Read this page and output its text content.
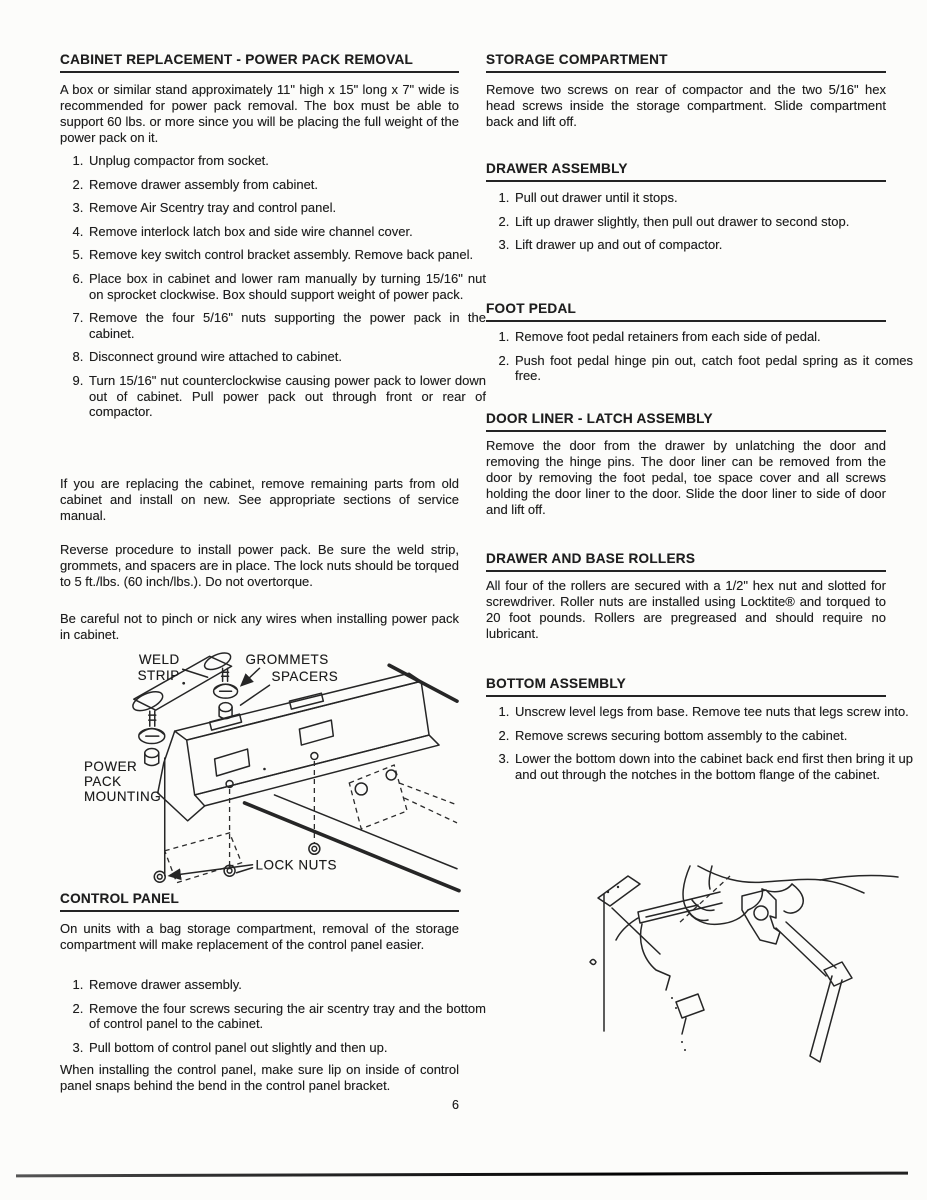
CABINET REPLACEMENT - POWER PACK REMOVAL

A box or similar stand approximately 11" high x 15" long x 7" wide is recommended for power pack removal. The box must be able to support 60 lbs. or more since you will be placing the full weight of the power pack on it.

1. Unplug compactor from socket.
2. Remove drawer assembly from cabinet.
3. Remove Air Scentry tray and control panel.
4. Remove interlock latch box and side wire channel cover.
5. Remove key switch control bracket assembly. Remove back panel.
6. Place box in cabinet and lower ram manually by turning 15/16" nut on sprocket clockwise. Box should support weight of power pack.
7. Remove the four 5/16" nuts supporting the power pack in the cabinet.
8. Disconnect ground wire attached to cabinet.
9. Turn 15/16" nut counterclockwise causing power pack to lower down out of cabinet. Pull power pack out through front or rear of compactor.

If you are replacing the cabinet, remove remaining parts from old cabinet and install on new. See appropriate sections of service manual.

Reverse procedure to install power pack. Be sure the weld strip, grommets, and spacers are in place. The lock nuts should be torqued to 5 ft./lbs. (60 inch/lbs.). Do not overtorque.

Be careful not to pinch or nick any wires when installing power pack in cabinet.

WELD
STRIP
GROMMETS
SPACERS
POWER
PACK
MOUNTING
LOCK NUTS
CONTROL PANEL

On units with a bag storage compartment, removal of the storage compartment will make replacement of the control panel easier.

1. Remove drawer assembly.
2. Remove the four screws securing the air scentry tray and the bottom of control panel to the cabinet.
3. Pull bottom of control panel out slightly and then up.

When installing the control panel, make sure lip on inside of control panel snaps behind the bend in the control panel bracket.

STORAGE COMPARTMENT

Remove two screws on rear of compactor and the two 5/16" hex head screws inside the storage compartment. Slide compartment back and lift off.

DRAWER ASSEMBLY
1. Pull out drawer until it stops.
2. Lift up drawer slightly, then pull out drawer to second stop.
3. Lift drawer up and out of compactor.
FOOT PEDAL
1. Remove foot pedal retainers from each side of pedal.
2. Push foot pedal hinge pin out, catch foot pedal spring as it comes free.
DOOR LINER - LATCH ASSEMBLY

Remove the door from the drawer by unlatching the door and removing the hinge pins. The door liner can be removed from the door by removing the foot pedal, toe space cover and all screws holding the door liner to the door. Slide the door liner to side of door and lift off.

DRAWER AND BASE ROLLERS

All four of the rollers are secured with a 1/2" hex nut and slotted for screwdriver. Roller nuts are installed using Locktite® and torqued to 20 foot pounds. Rollers are pregreased and should require no lubricant.

BOTTOM ASSEMBLY
1. Unscrew level legs from base. Remove tee nuts that legs screw into.
2. Remove screws securing bottom assembly to the cabinet.
3. Lower the bottom down into the cabinet back end first then bring it up and out through the notches in the bottom flange of the cabinet.
6
